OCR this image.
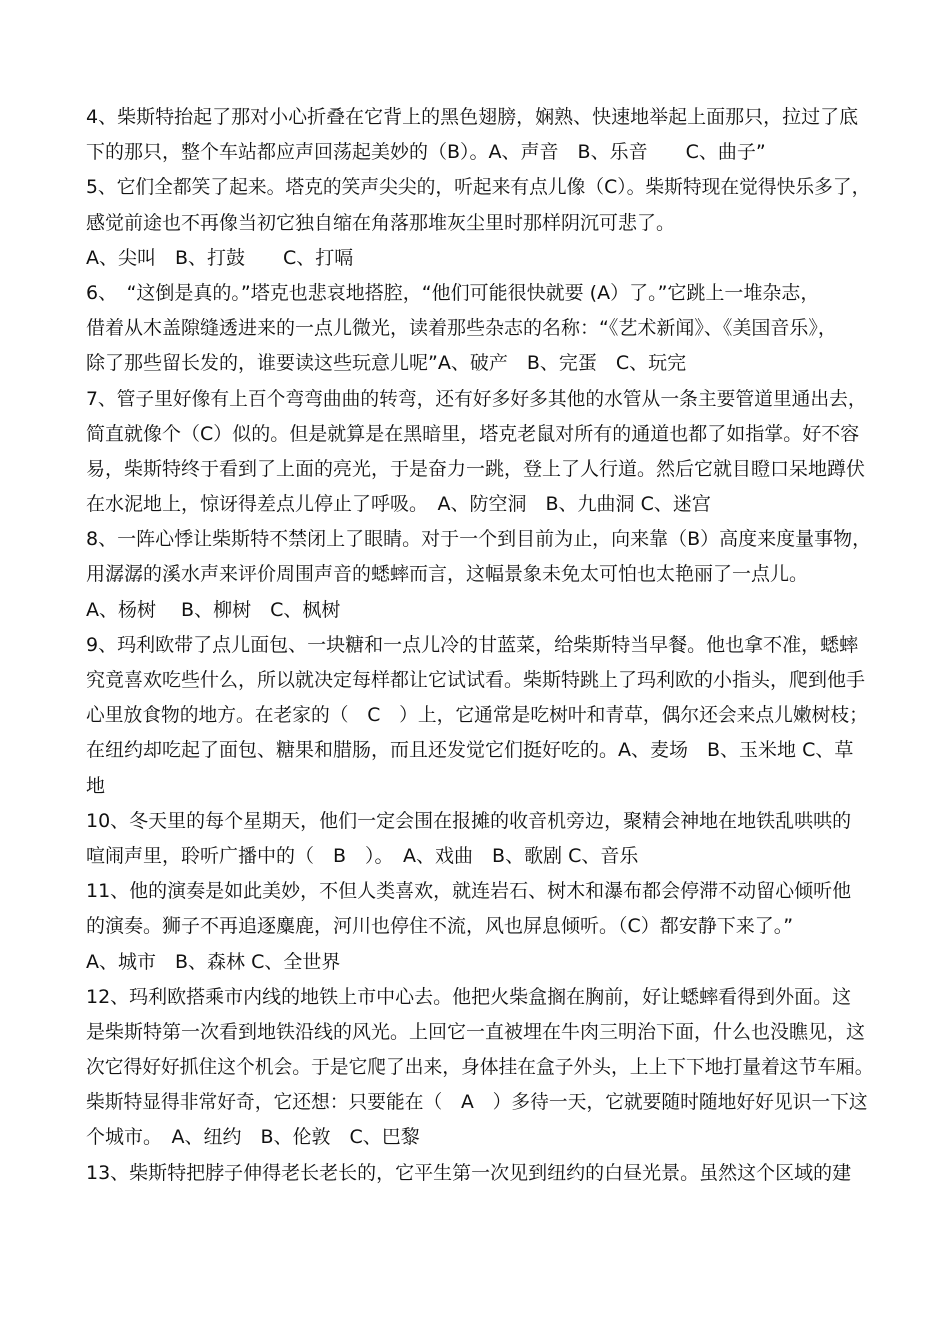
4、柴斯特抬起了那对小心折叠在它背上的黑色翅膀，娴熟、快速地举起上面那只，拉过了底
下的那只，整个车站都应声回荡起美妙的（B）。A、声音　B、乐音　　C、曲子”
5、它们全都笑了起来。塔克的笑声尖尖的，听起来有点儿像（C）。柴斯特现在觉得快乐多了，
感觉前途也不再像当初它独自缩在角落那堆灰尘里时那样阴沉可悲了。
A、尖叫　B、打鼓　　C、打嗝
6、　“这倒是真的。”塔克也悲哀地搭腔，“他们可能很快就要 (A）了。”它跳上一堆杂志，
借着从木盖隙缝透进来的一点儿微光，读着那些杂志的名称：“《艺术新闻》、《美国音乐》，
除了那些留长发的，谁要读这些玩意儿呢”A、破产　B、完蛋　C、玩完
7、管子里好像有上百个弯弯曲曲的转弯，还有好多好多其他的水管从一条主要管道里通出去，
简直就像个（C）似的。但是就算是在黑暗里，塔克老鼠对所有的通道也都了如指掌。好不容
易，柴斯特终于看到了上面的亮光，于是奋力一跳，登上了人行道。然后它就目瞪口呆地蹲伏
在水泥地上，惊讶得差点儿停止了呼吸。　A、防空洞　B、九曲洞 C、迷宫
8、一阵心悸让柴斯特不禁闭上了眼睛。对于一个到目前为止，向来靠（B）高度来度量事物，
用潺潺的溪水声来评价周围声音的蟋蟀而言，这幅景象未免太可怕也太艳丽了一点儿。
A、杨树　 B、柳树　C、枫树
9、玛利欧带了点儿面包、一块糖和一点儿冷的甘蓝菜，给柴斯特当早餐。他也拿不准，蟋蟀
究竟喜欢吃些什么，所以就决定每样都让它试试看。柴斯特跳上了玛利欧的小指头，爬到他手
心里放食物的地方。在老家的（　C　）上，它通常是吃树叶和青草，偶尔还会来点儿嫩树枝；
在纽约却吃起了面包、糖果和腊肠，而且还发觉它们挺好吃的。A、麦场　B、玉米地 C、草
地
10、冬天里的每个星期天，他们一定会围在报摊的收音机旁边，聚精会神地在地铁乱哄哄的
喧闹声里，聆听广播中的（　B　）。　A、戏曲　B、歌剧 C、音乐
11、他的演奏是如此美妙，不但人类喜欢，就连岩石、树木和瀑布都会停滞不动留心倾听他
的演奏。狮子不再追逐麋鹿，河川也停住不流，风也屏息倾听。（C）都安静下来了。”
A、城市　B、森林 C、全世界
12、玛利欧搭乘市内线的地铁上市中心去。他把火柴盒搁在胸前，好让蟋蟀看得到外面。这
是柴斯特第一次看到地铁沿线的风光。上回它一直被埋在牛肉三明治下面，什么也没瞧见，这
次它得好好抓住这个机会。于是它爬了出来，身体挂在盒子外头，上上下下地打量着这节车厢。
柴斯特显得非常好奇，它还想：只要能在（　A　）多待一天，它就要随时随地好好见识一下这
个城市。　A、纽约　B、伦敦　C、巴黎
13、柴斯特把脖子伸得老长老长的，它平生第一次见到纽约的白昼光景。虽然这个区域的建
